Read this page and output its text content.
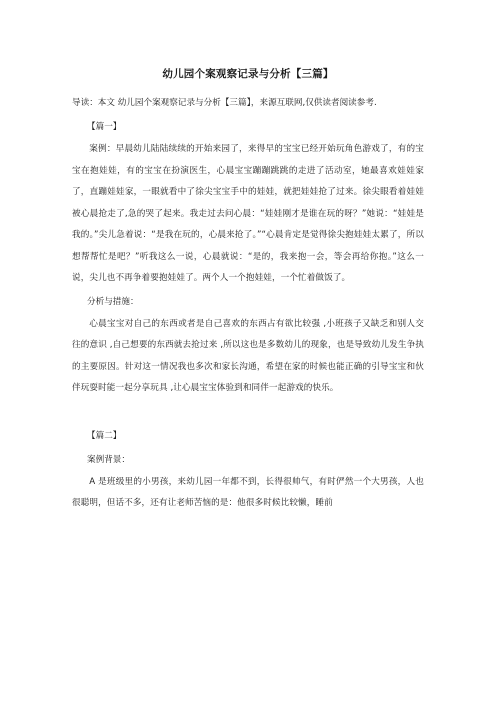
幼儿园个案观察记录与分析【三篇】

导读：本文 幼儿园个案观察记录与分析【三篇】，来源互联网,仅供读者阅读参考.

【篇一】

案例：早晨幼儿陆陆续续的开始来园了，来得早的宝宝已经开始玩角色游戏了，有的宝宝在抱娃娃，有的宝宝在扮演医生，心晨宝宝蹦蹦跳跳的走进了活动室，她最喜欢娃娃家了，直蹦娃娃家，一眼就看中了徐尖宝宝手中的娃娃，就把娃娃抢了过来。徐尖眼看着娃娃被心晨抢走了,急的哭了起来。我走过去问心晨：“娃娃刚才是谁在玩的呀？”她说：“娃娃是我的。”尖儿急着说：“是我在玩的，心晨来抢了。”“心晨肯定是觉得徐尖抱娃娃太累了，所以想帮帮忙是吧？”听我这么一说，心晨就说：“是的，我来抱一会，等会再给你抱。”这么一说，尖儿也不再争着要抱娃娃了。两个人一个抱娃娃，一个忙着做饭了。

分析与措施：

心晨宝宝对自己的东西或者是自己喜欢的东西占有欲比较强 ,小班孩子又缺乏和别人交往的意识 ,自己想要的东西就去抢过来 ,所以这也是多数幼儿的现象，也是导致幼儿发生争执的主要原因。针对这一情况我也多次和家长沟通，希望在家的时候也能正确的引导宝宝和伙伴玩耍时能一起分享玩具 ,让心晨宝宝体验到和同伴一起游戏的快乐。

【篇二】

案例背景：

A 是班级里的小男孩，来幼儿园一年都不到，长得很帅气，有时俨然一个大男孩，人也很聪明，但话不多，还有让老师苦恼的是：他很多时候比较懒，睡前
